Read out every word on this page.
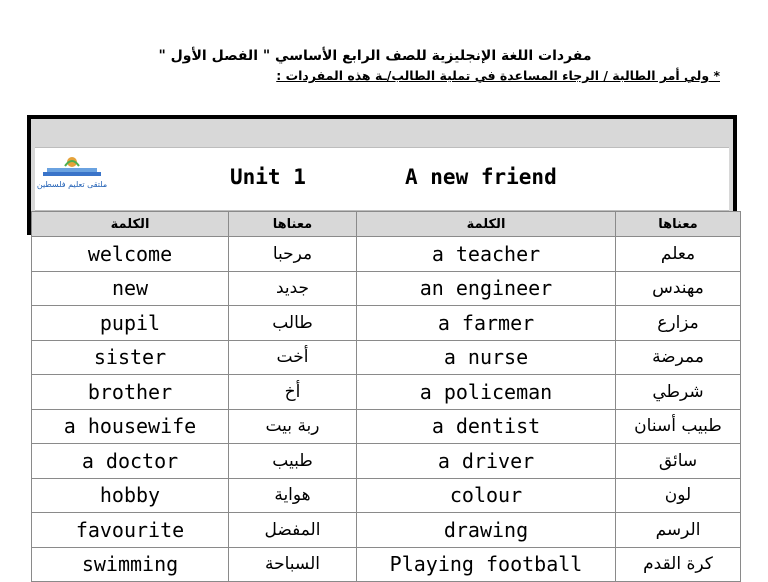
مفردات اللغة الإنجليزية للصف الرابع الأساسي " الفصل الأول "
* ولي أمر الطالبة / الرجاء المساعدة في تملية الطالب/ـة هذه المفردات :
ملتقى تعليم فلسطين	Unit 1	A new friend
الكلمة	معناها	الكلمة	معناها
welcome	مرحبا	a teacher	معلم
new	جديد	an engineer	مهندس
pupil	طالب	a farmer	مزارع
sister	أخت	a nurse	ممرضة
brother	أخ	a policeman	شرطي
a housewife	ربة بيت	a dentist	طبيب أسنان
a doctor	طبيب	a driver	سائق
hobby	هواية	colour	لون
favourite	المفضل	drawing	الرسم
swimming	السباحة	Playing football	كرة القدم
